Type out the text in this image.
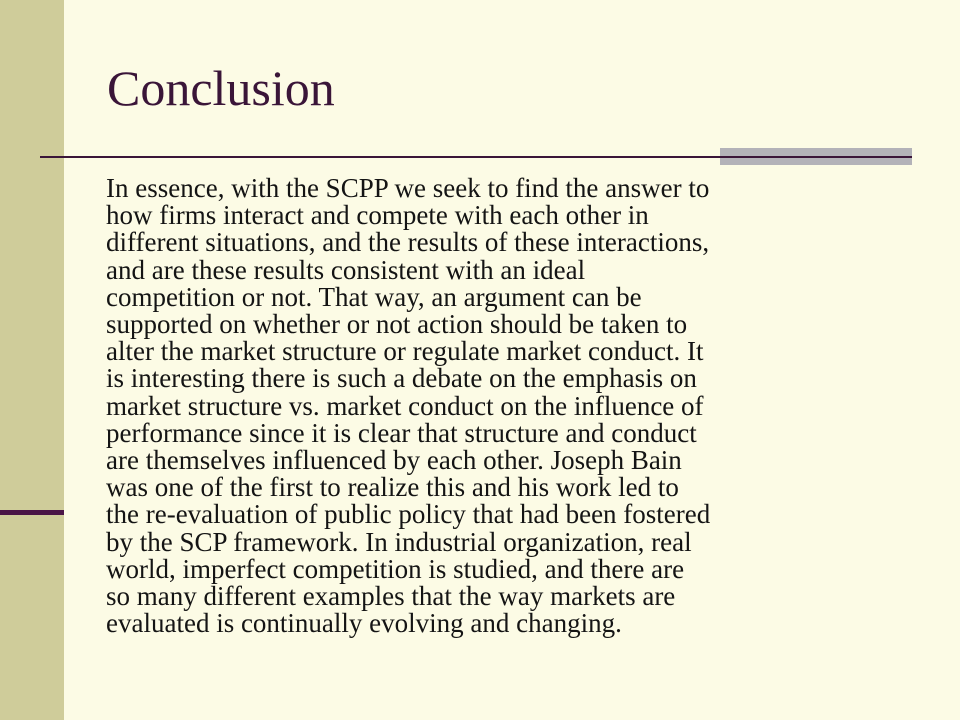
Conclusion
In essence, with the SCPP we seek to find the answer to
how firms interact and compete with each other in
different situations, and the results of these interactions,
and are these results consistent with an ideal
competition or not. That way, an argument can be
supported on whether or not action should be taken to
alter the market structure or regulate market conduct. It
is interesting there is such a debate on the emphasis on
market structure vs. market conduct on the influence of
performance since it is clear that structure and conduct
are themselves influenced by each other. Joseph Bain
was one of the first to realize this and his work led to
the re-evaluation of public policy that had been fostered
by the SCP framework. In industrial organization, real
world, imperfect competition is studied, and there are
so many different examples that the way markets are
evaluated is continually evolving and changing.
